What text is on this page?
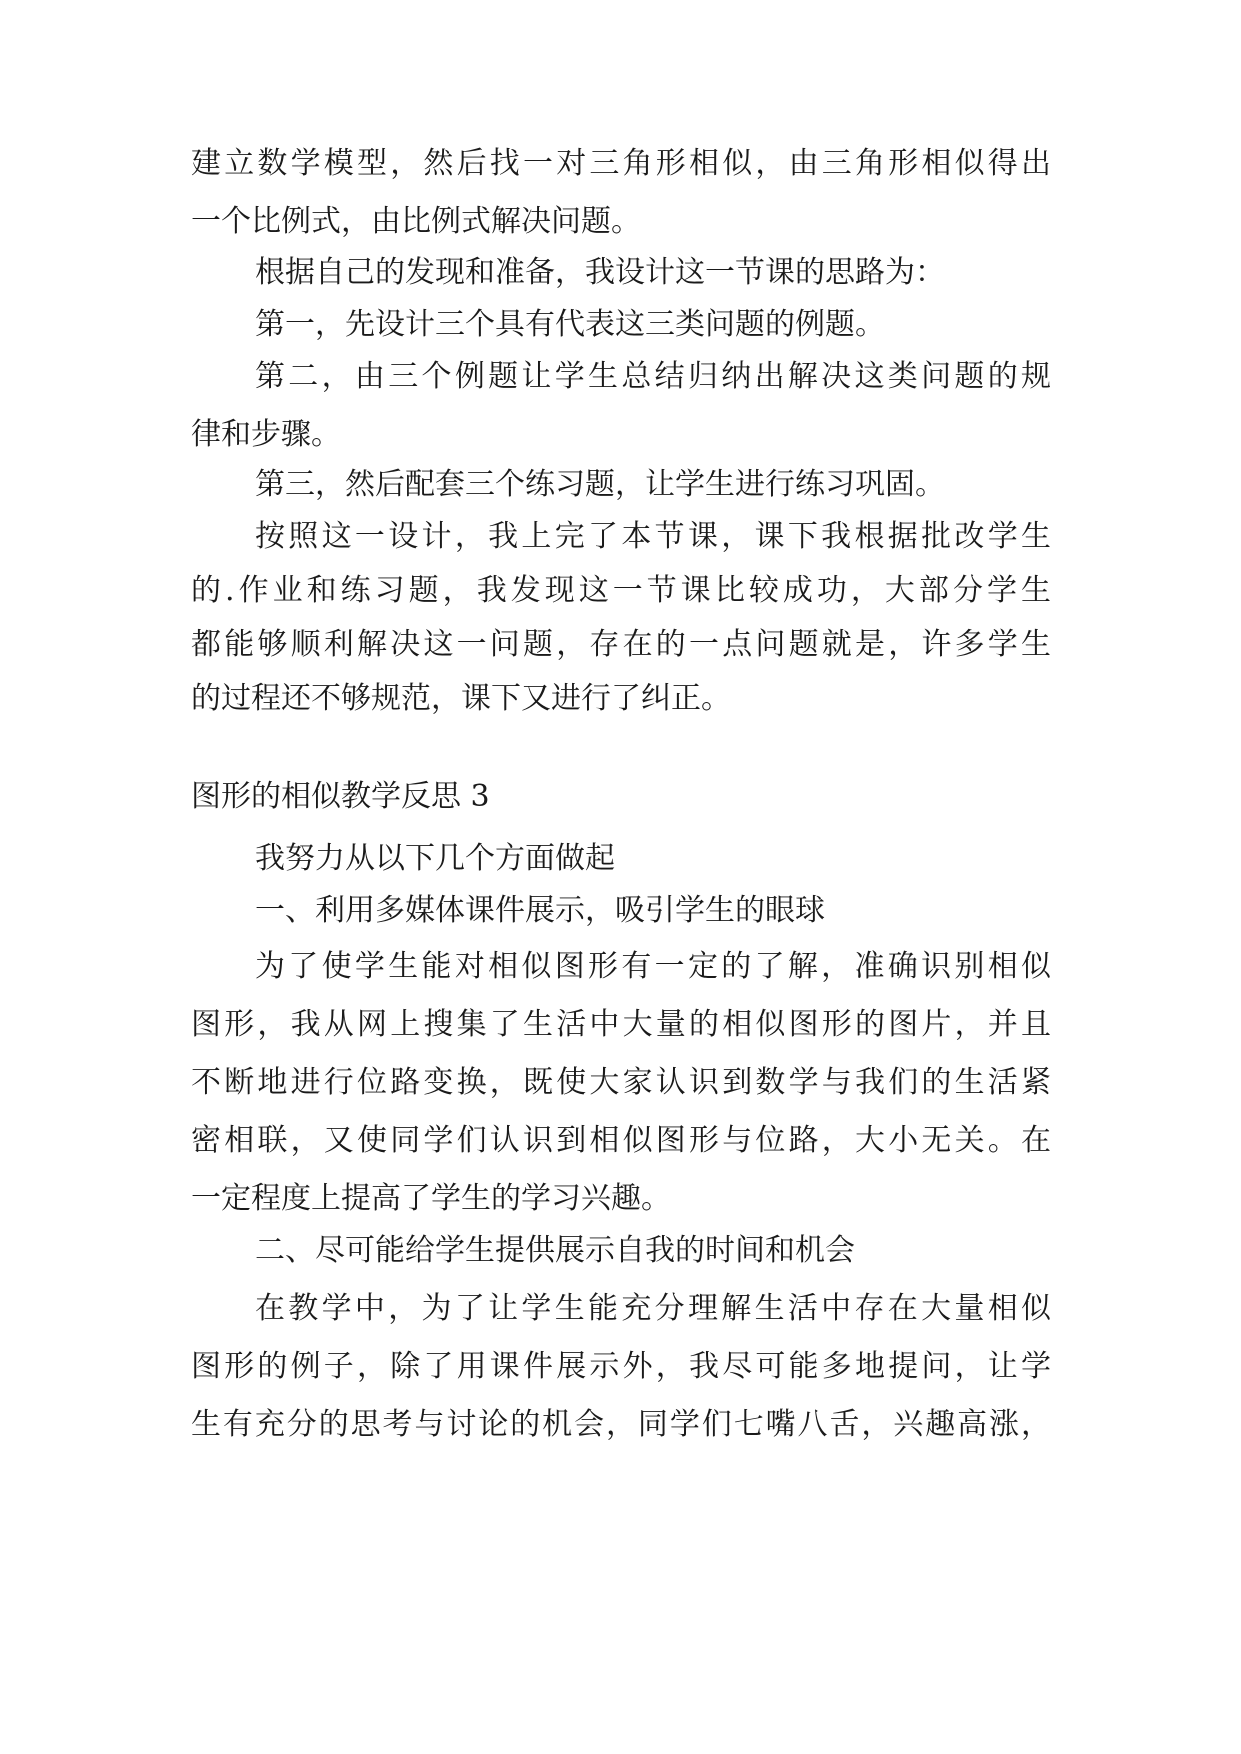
建立数学模型，然后找一对三角形相似，由三角形相似得出

一个比例式，由比例式解决问题。

根据自己的发现和准备，我设计这一节课的思路为：

第一，先设计三个具有代表这三类问题的例题。

第二，由三个例题让学生总结归纳出解决这类问题的规

律和步骤。

第三，然后配套三个练习题，让学生进行练习巩固。

按照这一设计，我上完了本节课，课下我根据批改学生

的.作业和练习题，我发现这一节课比较成功，大部分学生

都能够顺利解决这一问题，存在的一点问题就是，许多学生

的过程还不够规范，课下又进行了纠正。

图形的相似教学反思 3

我努力从以下几个方面做起

一、利用多媒体课件展示，吸引学生的眼球

为了使学生能对相似图形有一定的了解，准确识别相似

图形，我从网上搜集了生活中大量的相似图形的图片，并且

不断地进行位路变换，既使大家认识到数学与我们的生活紧

密相联，又使同学们认识到相似图形与位路，大小无关。在

一定程度上提高了学生的学习兴趣。

二、尽可能给学生提供展示自我的时间和机会

在教学中，为了让学生能充分理解生活中存在大量相似

图形的例子，除了用课件展示外，我尽可能多地提问，让学

生有充分的思考与讨论的机会，同学们七嘴八舌，兴趣高涨，
